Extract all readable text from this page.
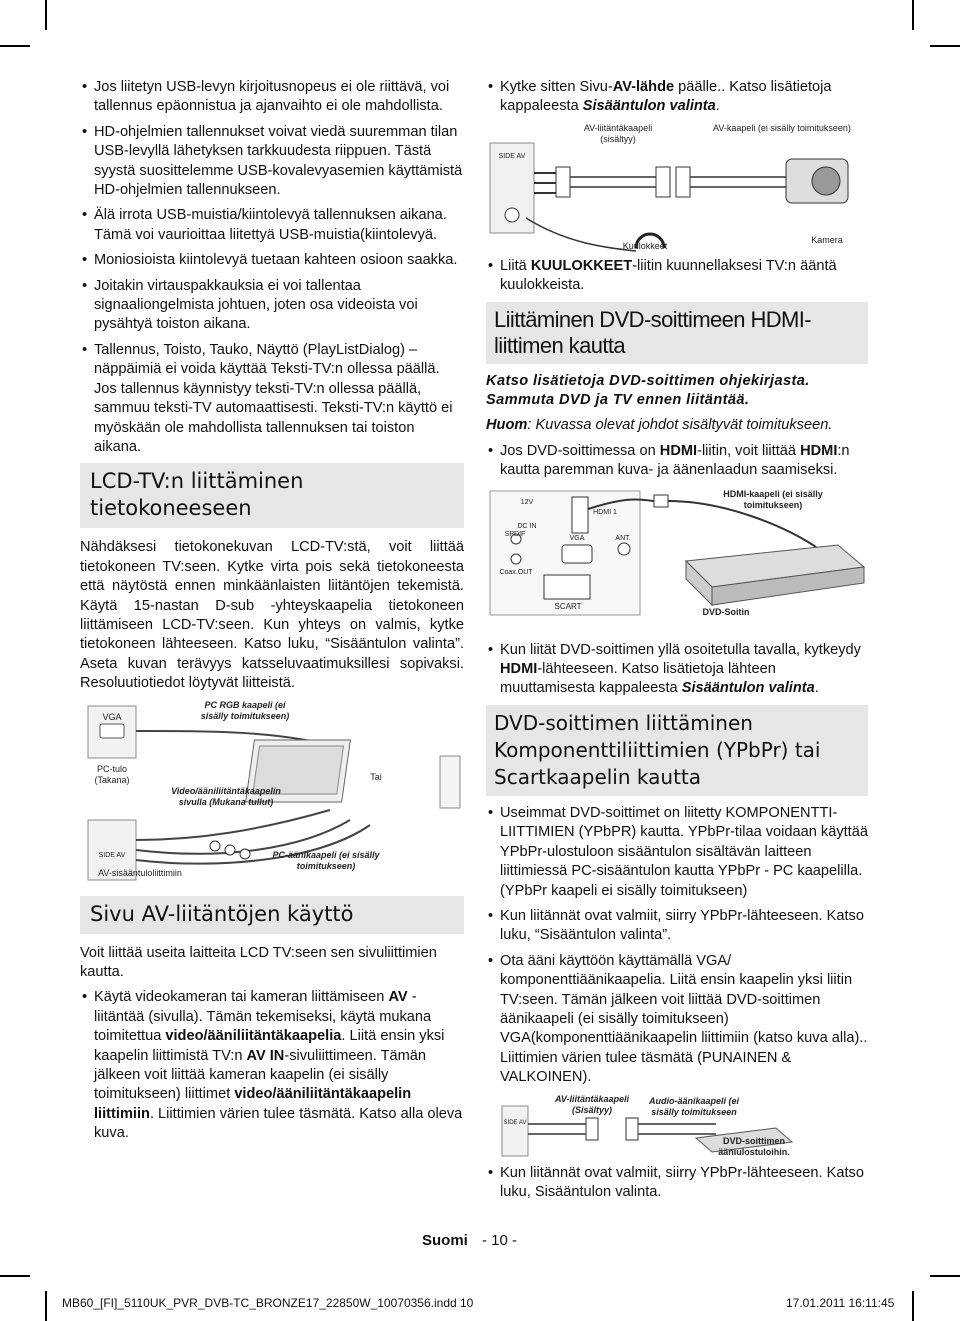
• Jos liitetyn USB-levyn kirjoitusnopeus ei ole riittävä, voi tallennus epäonnistua ja ajanvaihto ei ole mahdollista.
• HD-ohjelmien tallennukset voivat viedä suuremman tilan USB-levyllä lähetyksen tarkkuudesta riippuen. Tästä syystä suosittelemme USB-kovalevyasemien käyttämistä HD-ohjelmien tallennukseen.
• Älä irrota USB-muistia/kiintolevyä tallennuksen aikana. Tämä voi vaurioittaa liitettyä USB-muistia(kiintolevyä.
• Moniosioista kiintolevyä tuetaan kahteen osioon saakka.
• Joitakin virtauspakkauksia ei voi tallentaa signaaliongelmista johtuen, joten osa videoista voi pysähtyä toiston aikana.
• Tallennus, Toisto, Tauko, Näyttö (PlayListDialog) –näppäimiä ei voida käyttää Teksti-TV:n ollessa päällä. Jos tallennus käynnistyy teksti-TV:n ollessa päällä, sammuu teksti-TV automaattisesti. Teksti-TV:n käyttö ei myöskään ole mahdollista tallennuksen tai toiston aikana.
LCD-TV:n liittäminen tietokoneeseen

Nähdäksesi tietokonekuvan LCD-TV:stä, voit liittää tietokoneen TV:seen. Kytke virta pois sekä tietokoneesta että näytöstä ennen minkäänlaisten liitäntöjen tekemistä. Käytä 15-nastan D-sub -yhteyskaapelia tietokoneen liittämiseen LCD-TV:seen. Kun yhteys on valmis, kytke tietokoneen lähteeseen. Katso luku, “Sisääntulon valinta”. Aseta kuvan terävyys katsseluvaatimuksillesi sopivaksi. Resoluutiotiedot löytyvät liitteistä.

VGA
PC RGB kaapeli (ei sisälly toimitukseen)
PC-tulo (Takana)
Video/ääniliitäntäkaapelin sivulla (Mukana tullut)
Tai
SIDE AV
AV-sisääntuloliittimiin
PC-äänikaapeli (ei sisälly toimitukseen)
Sivu AV-liitäntöjen käyttö

Voit liittää useita laitteita LCD TV:seen sen sivuliittimien kautta.

• Käytä videokameran tai kameran liittämiseen AV -liitäntää (sivulla). Tämän tekemiseksi, käytä mukana toimitettua video/ääniliitäntäkaapelia. Liitä ensin yksi kaapelin liittimistä TV:n AV IN-sivuliittimeen. Tämän jälkeen voit liittää kameran kaapelin (ei sisälly toimitukseen) liittimet video/ääniliitäntäkaapelin liittimiin. Liittimien värien tulee täsmätä. Katso alla oleva kuva.
• Kytke sitten Sivu-AV-lähde päälle.. Katso lisätietoja kappaleesta Sisääntulon valinta.
AV-liitäntäkaapeli (sisältyy)
AV-kaapeli (ei sisälly toimitukseen)
SIDE AV
Kuulokkeet
Kamera
• Liitä KUULOKKEET-liitin kuunnellaksesi TV:n ääntä kuulokkeista.
Liittäminen DVD-soittimeen HDMI-liittimen kautta

Katso lisätietoja DVD-soittimen ohjekirjasta. Sammuta DVD ja TV ennen liitäntää.

Huom: Kuvassa olevat johdot sisältyvät toimitukseen.

• Jos DVD-soittimessa on HDMI-liitin, voit liittää HDMI:n kautta paremman kuva- ja äänenlaadun saamiseksi.
12V
DC IN
HDMI 1
VGA	ANT.
SPDIF
Coax.OUT
SCART
HDMI-kaapeli (ei sisälly toimitukseen)
DVD-Soitin
• Kun liität DVD-soittimen yllä osoitetulla tavalla, kytkeydy HDMI-lähteeseen. Katso lisätietoja lähteen muuttamisesta kappaleesta Sisääntulon valinta.
DVD-soittimen liittäminen Komponenttiliittimien (YPbPr) tai Scartkaapelin kautta
• Useimmat DVD-soittimet on liitetty KOMPONENTTI-LIITTIMIEN (YPbPR) kautta. YPbPr-tilaa voidaan käyttää YPbPr-ulostuloon sisääntulon sisältävän laitteen liittimiessä PC-sisääntulon kautta YPbPr - PC kaapelilla. (YPbPr kaapeli ei sisälly toimitukseen)
• Kun liitännät ovat valmiit, siirry YPbPr-lähteeseen. Katso luku, “Sisääntulon valinta”.
• Ota ääni käyttöön käyttämällä VGA/ komponenttiäänikaapelia. Liitä ensin kaapelin yksi liitin TV:seen. Tämän jälkeen voit liittää DVD-soittimen äänikaapeli (ei sisälly toimitukseen) VGA(komponenttiäänikaapelin liittimiin (katso kuva alla).. Liittimien värien tulee täsmätä (PUNAINEN & VALKOINEN).
AV-liitäntäkaapeli (Sisältyy)
Audio-äänikaapeli (ei sisälly toimitukseen
SIDE AV
DVD-soittimen ääniulostuloihin.
• Kun liitännät ovat valmiit, siirry YPbPr-lähteeseen. Katso luku, Sisääntulon valinta.
Suomi - 10 -
MB60_[FI]_5110UK_PVR_DVB-TC_BRONZE17_22850W_10070356.indd 10	17.01.2011 16:11:45
